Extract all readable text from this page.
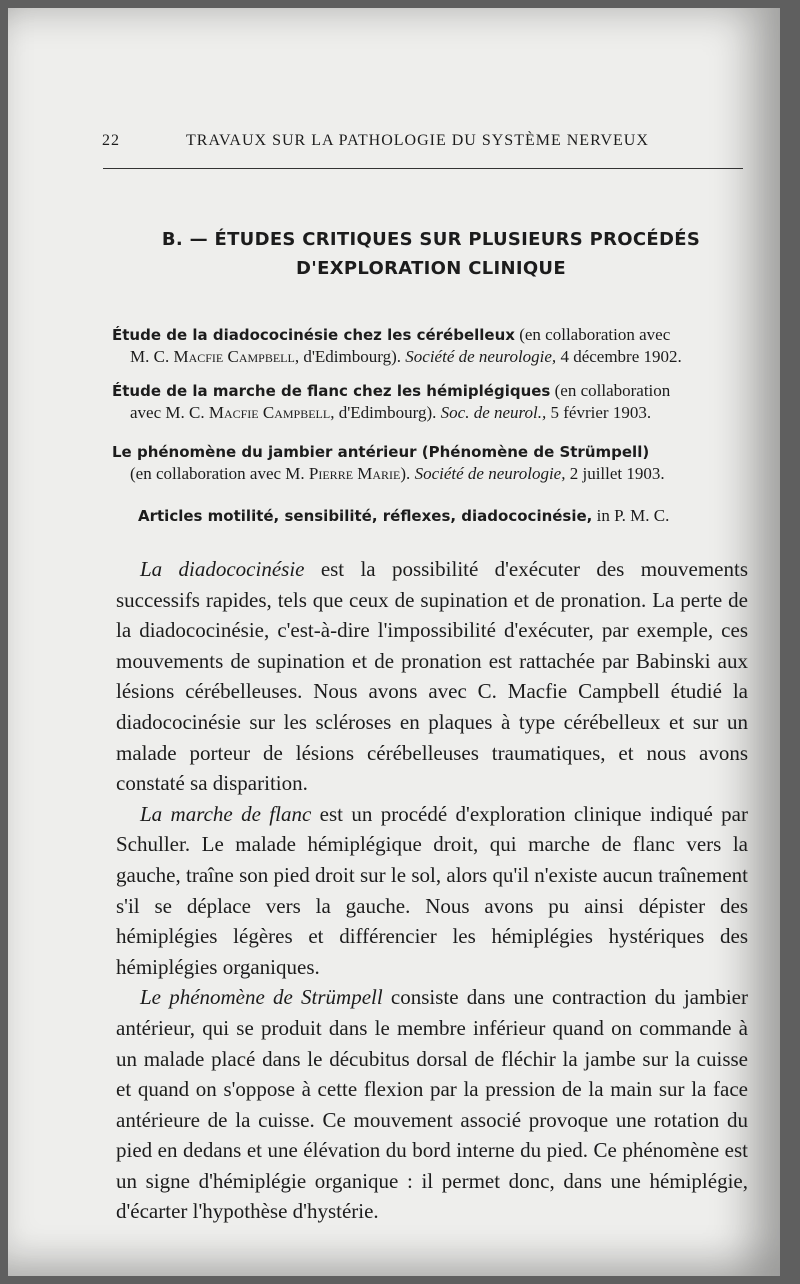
22	TRAVAUX SUR LA PATHOLOGIE DU SYSTÈME NERVEUX
B. — ÉTUDES CRITIQUES SUR PLUSIEURS PROCÉDÉS
D'EXPLORATION CLINIQUE
Étude de la diadococinésie chez les cérébelleux (en collaboration avec
M. C. Macfie Campbell, d'Edimbourg). Société de neurologie, 4 décembre 1902.
Étude de la marche de flanc chez les hémiplégiques (en collaboration
avec M. C. Macfie Campbell, d'Edimbourg). Soc. de neurol., 5 février 1903.
Le phénomène du jambier antérieur (Phénomène de Strümpell)
(en collaboration avec M. Pierre Marie). Société de neurologie, 2 juillet 1903.
Articles motilité, sensibilité, réflexes, diadococinésie, in P. M. C.

La diadococinésie est la possibilité d'exécuter des mouvements successifs rapides, tels que ceux de supination et de pronation. La perte de la diadococinésie, c'est-à-dire l'impossibilité d'exécuter, par exemple, ces mouvements de supination et de pronation est rattachée par Babinski aux lésions cérébelleuses. Nous avons avec C. Macfie Campbell étudié la diadococinésie sur les scléroses en plaques à type cérébelleux et sur un malade porteur de lésions cérébelleuses traumatiques, et nous avons constaté sa disparition.

La marche de flanc est un procédé d'exploration clinique indiqué par Schuller. Le malade hémiplégique droit, qui marche de flanc vers la gauche, traîne son pied droit sur le sol, alors qu'il n'existe aucun traînement s'il se déplace vers la gauche. Nous avons pu ainsi dépister des hémiplégies légères et différencier les hémiplégies hystériques des hémiplégies organiques.

Le phénomène de Strümpell consiste dans une contraction du jambier antérieur, qui se produit dans le membre inférieur quand on commande à un malade placé dans le décubitus dorsal de fléchir la jambe sur la cuisse et quand on s'oppose à cette flexion par la pression de la main sur la face antérieure de la cuisse. Ce mouvement associé provoque une rotation du pied en dedans et une élévation du bord interne du pied. Ce phénomène est un signe d'hémiplégie organique : il permet donc, dans une hémiplégie, d'écarter l'hypothèse d'hystérie.
